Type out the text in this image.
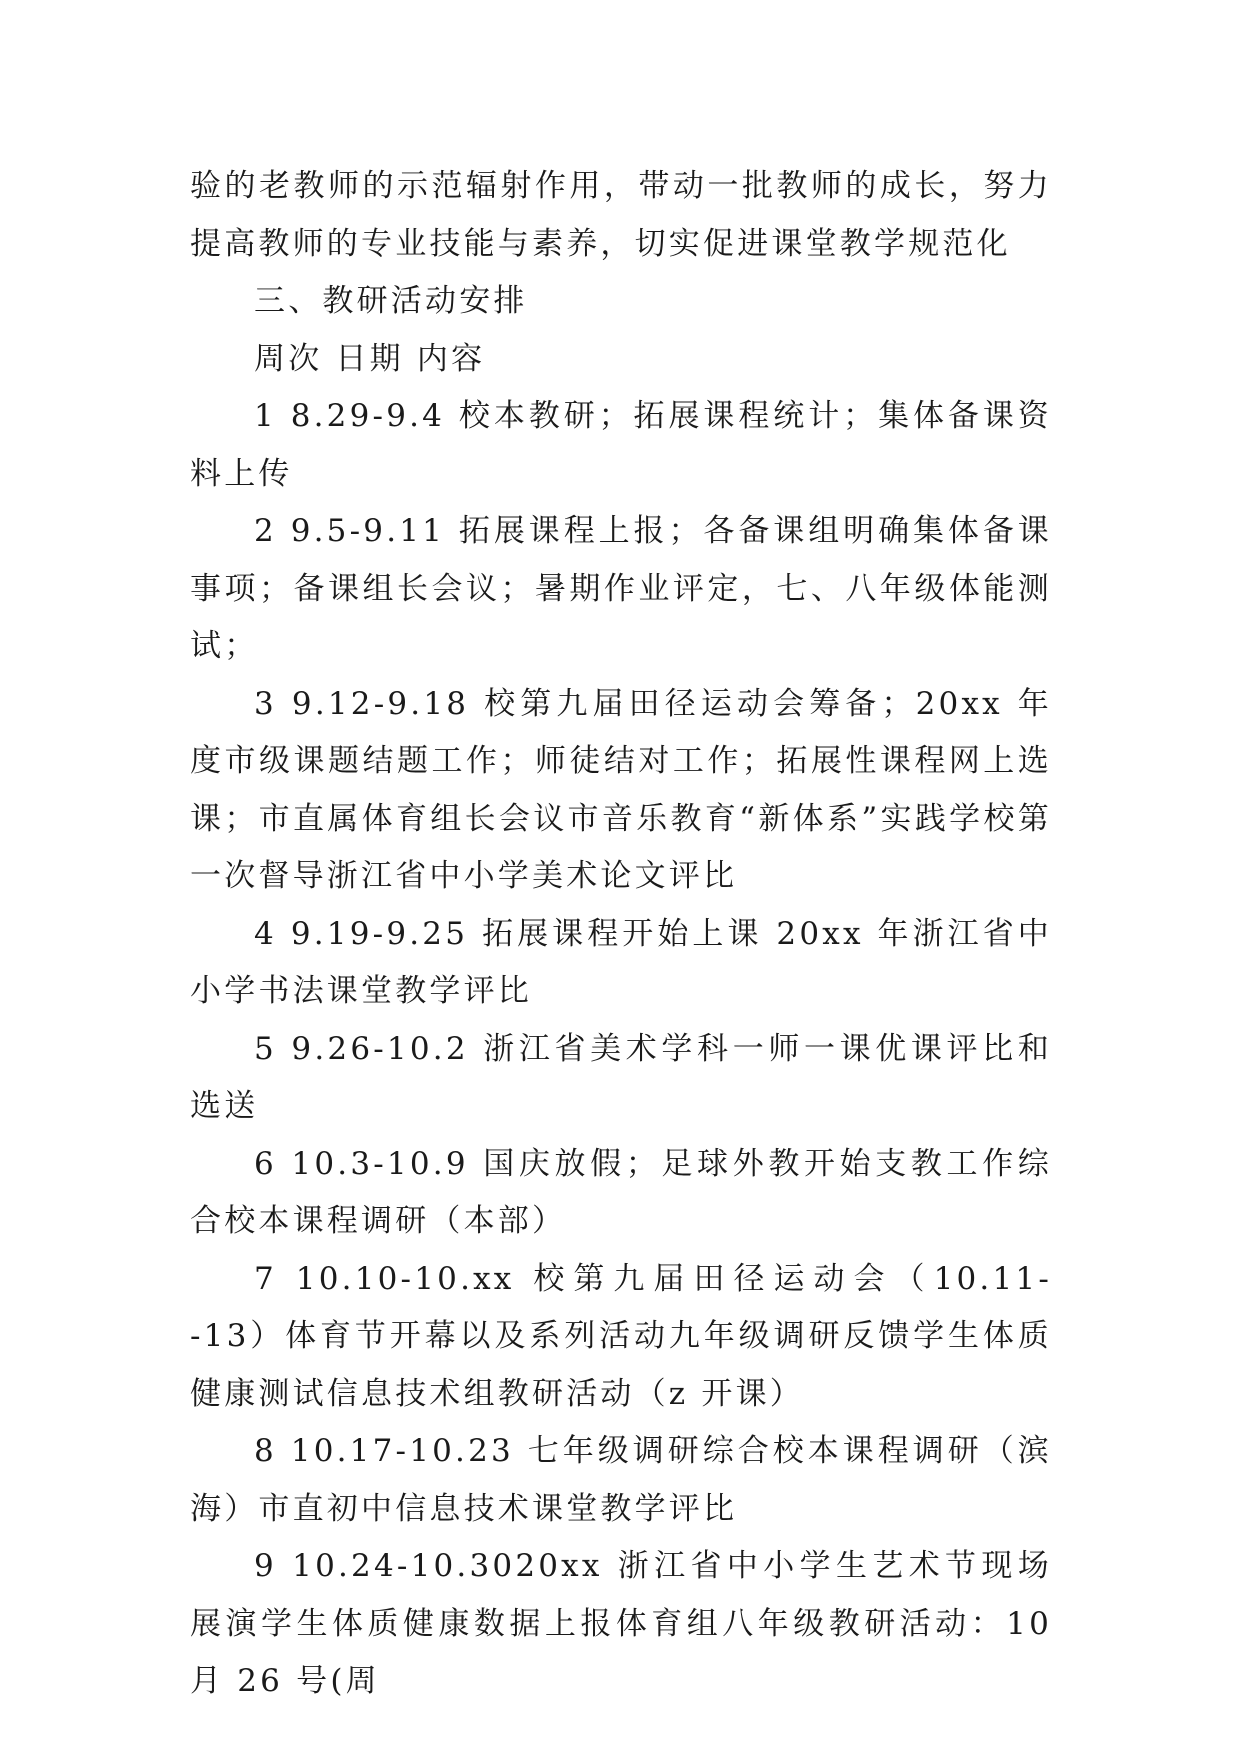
验的老教师的示范辐射作用，带动一批教师的成长，努力提高教师的专业技能与素养，切实促进课堂教学规范化

三、教研活动安排

周次 日期 内容

1 8.29-9.4 校本教研；拓展课程统计；集体备课资料上传

2 9.5-9.11 拓展课程上报；各备课组明确集体备课事项；备课组长会议；暑期作业评定，七、八年级体能测试；

3 9.12-9.18 校第九届田径运动会筹备；20xx 年度市级课题结题工作；师徒结对工作；拓展性课程网上选课；市直属体育组长会议市音乐教育“新体系”实践学校第一次督导浙江省中小学美术论文评比

4 9.19-9.25 拓展课程开始上课 20xx 年浙江省中小学书法课堂教学评比

5 9.26-10.2 浙江省美术学科一师一课优课评比和选送

6 10.3-10.9 国庆放假；足球外教开始支教工作综合校本课程调研（本部）

7 10.10-10.xx 校第九届田径运动会（10.11--13）体育节开幕以及系列活动九年级调研反馈学生体质健康测试信息技术组教研活动（z 开课）

8 10.17-10.23 七年级调研综合校本课程调研（滨海）市直初中信息技术课堂教学评比

9 10.24-10.3020xx 浙江省中小学生艺术节现场展演学生体质健康数据上报体育组八年级教研活动：10 月 26 号(周
